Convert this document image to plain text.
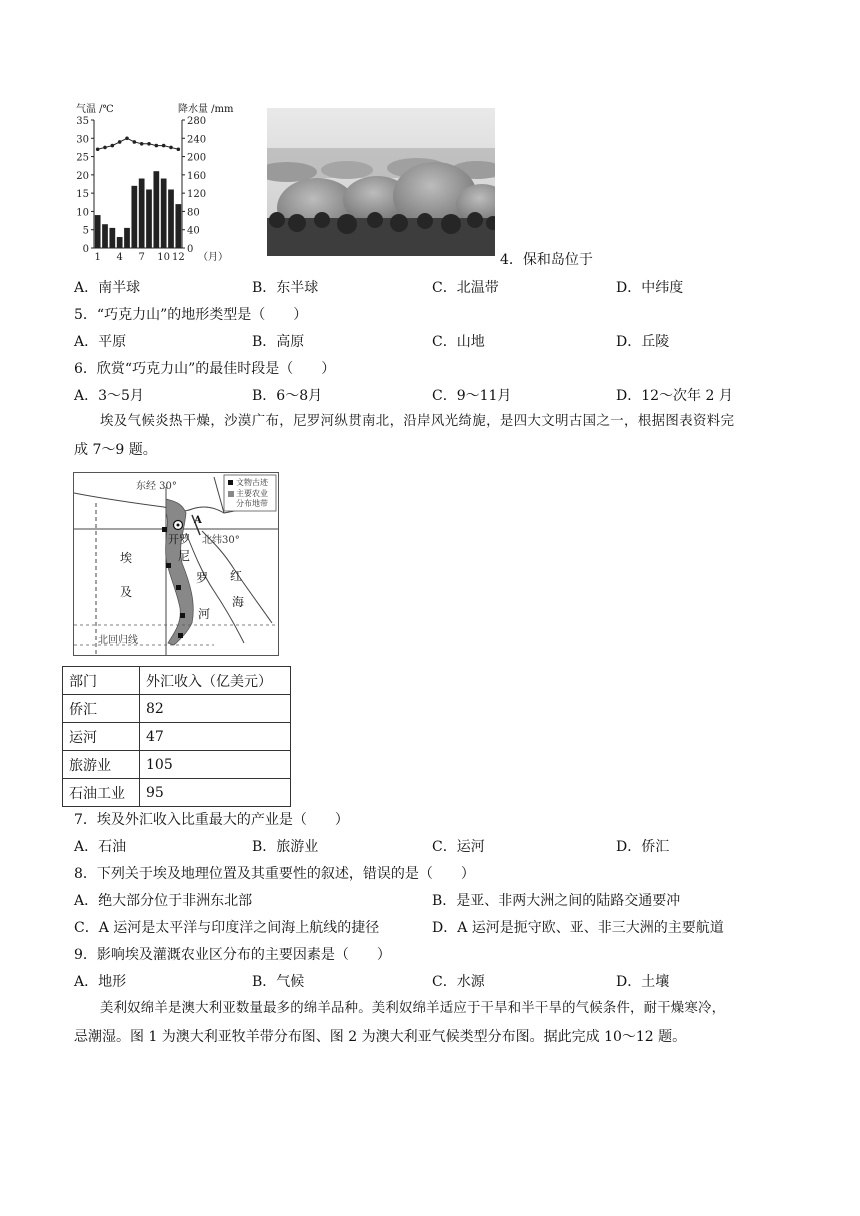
35
30
25
20
15
10
5
0
280
240
200
160
120
80
40
0
1 4 7 10 12
气温 /℃	降水量 /mm
（月）	4．保和岛位于
A．南半球	B．东半球	C．北温带	D．中纬度
5．“巧克力山”的地形类型是（　　）
A．平原	B．高原	C．山地	D．丘陵
6．欣赏“巧克力山”的最佳时段是（　　）
A．3～5月	B．6～8月	C．9～11月	D．12～次年 2 月
埃及气候炎热干燥，沙漠广布，尼罗河纵贯南北，沿岸风光绮旎，是四大文明古国之一，根据图表资料完
成 7～9 题。
东经 30°
北纬30°
北回归线
文物古迹
主要农业
分布地带
开罗
A
埃
及
尼
罗
河
红
海
部门	外汇收入（亿美元）
侨汇	82
运河	47
旅游业	105
石油工业	95
7．埃及外汇收入比重最大的产业是（　　）
A．石油	B．旅游业	C．运河	D．侨汇
8．下列关于埃及地理位置及其重要性的叙述，错误的是（　　）
A．绝大部分位于非洲东北部	B．是亚、非两大洲之间的陆路交通要冲
C．A 运河是太平洋与印度洋之间海上航线的捷径	D．A 运河是扼守欧、亚、非三大洲的主要航道
9．影响埃及灌溉农业区分布的主要因素是（　　）
A．地形	B．气候	C．水源	D．土壤
美利奴绵羊是澳大利亚数量最多的绵羊品种。美利奴绵羊适应于干旱和半干旱的气候条件，耐干燥寒冷，
忌潮湿。图 1 为澳大利亚牧羊带分布图、图 2 为澳大利亚气候类型分布图。据此完成 10～12 题。
